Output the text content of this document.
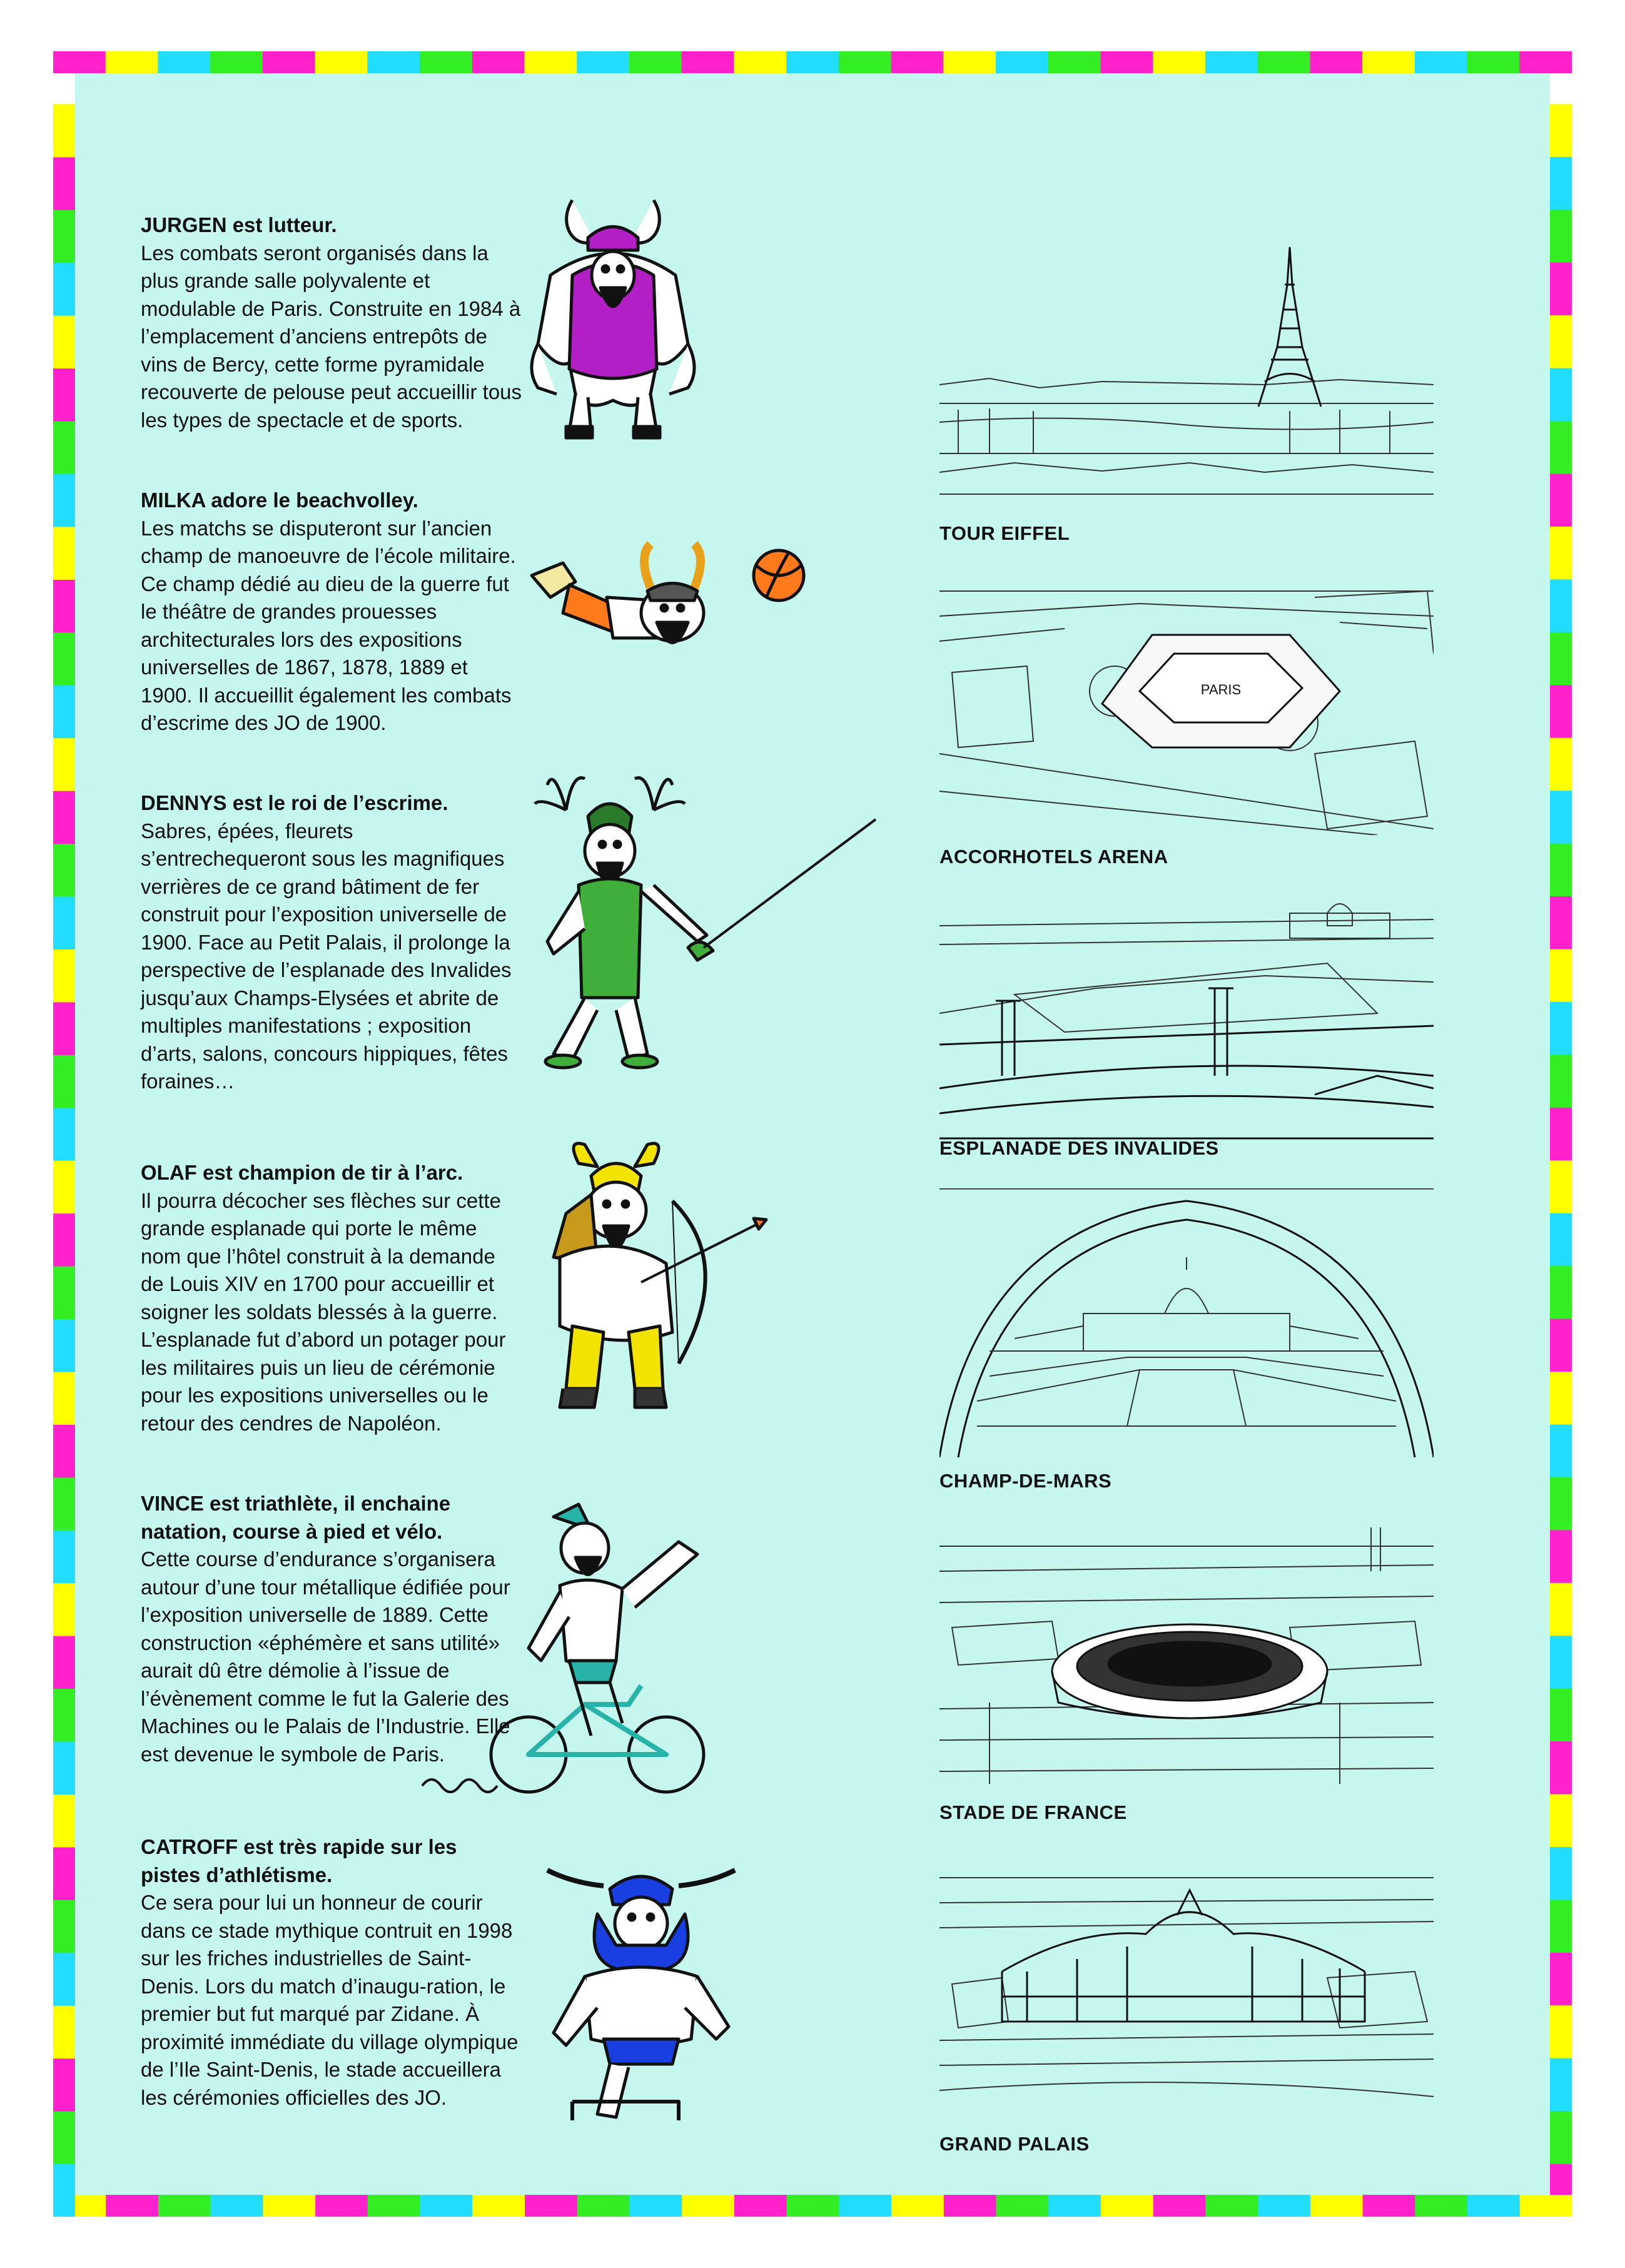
JURGEN est lutteur.
Les combats seront organisés dans la plus grande salle polyvalente et modulable de Paris. Construite en 1984 à l’emplacement d’anciens entrepôts de vins de Bercy, cette forme pyramidale recouverte de pelouse peut accueillir tous les types de spectacle et de sports.
MILKA adore le beachvolley.
Les matchs se disputeront sur l’ancien champ de manoeuvre de l’école militaire. Ce champ dédié au dieu de la guerre fut le théâtre de grandes prouesses architecturales lors des expositions universelles de 1867, 1878, 1889 et 1900. Il accueillit également les combats d’escrime des JO de 1900.
DENNYS est le roi de l’escrime.
Sabres, épées, fleurets s’entrechequeront sous les magnifiques verrières de ce grand bâtiment de fer construit pour l’exposition universelle de 1900. Face au Petit Palais, il prolonge la perspective de l’esplanade des Invalides jusqu’aux Champs-Elysées et abrite de multiples manifestations ; exposition d’arts, salons, concours hippiques, fêtes foraines…
OLAF est champion de tir à l’arc.
Il pourra décocher ses flèches sur cette grande esplanade qui porte le même nom que l’hôtel construit à la demande de Louis XIV en 1700 pour accueillir et soigner les soldats blessés à la guerre. L’esplanade fut d’abord un potager pour les militaires puis un lieu de cérémonie pour les expositions universelles ou le retour des cendres de Napoléon.
VINCE est triathlète, il enchaine natation, course à pied et vélo.
Cette course d’endurance s’organisera autour d’une tour métallique édifiée pour l’exposition universelle de 1889. Cette construction «éphémère et sans utilité» aurait dû être démolie à l’issue de l’évènement comme le fut la Galerie des Machines ou le Palais de l’Industrie. Elle est devenue le symbole de Paris.
CATROFF est très rapide sur les pistes d’athlétisme.
Ce sera pour lui un honneur de courir dans ce stade mythique contruit en 1998 sur les friches industrielles de Saint-Denis. Lors du match d’inaugu-ration, le premier but fut marqué par Zidane. À proximité immédiate du village olympique de l’Ile Saint-Denis, le stade accueillera les cérémonies officielles des JO.
TOUR EIFFEL
PARIS
ACCORHOTELS ARENA
ESPLANADE DES INVALIDES
CHAMP-DE-MARS
STADE DE FRANCE
GRAND PALAIS
